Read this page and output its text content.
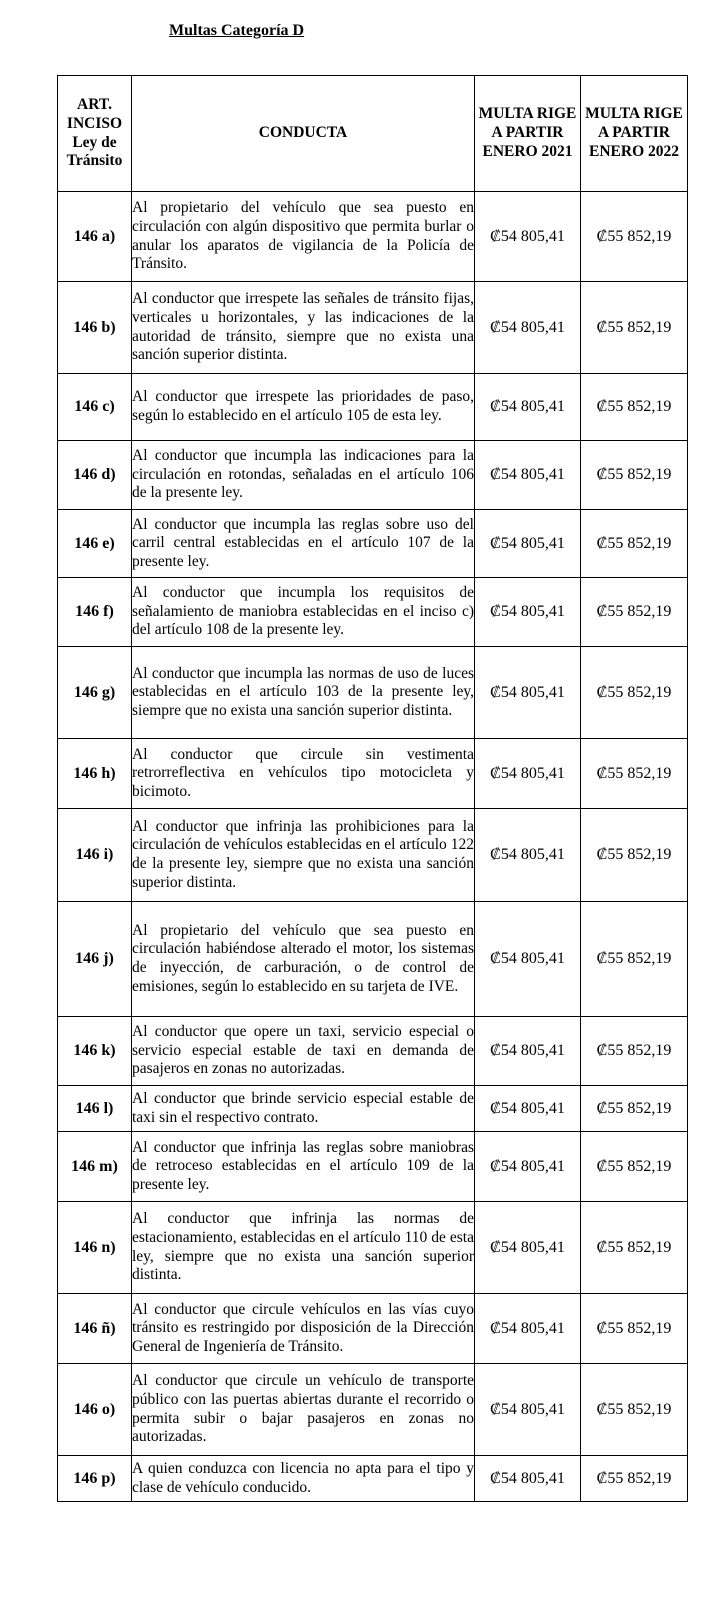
Multas Categoría D
ART. INCISO Ley de Tránsito	CONDUCTA	MULTA RIGE A PARTIR ENERO 2021	MULTA RIGE A PARTIR ENERO 2022
146 a)	Al propietario del vehículo que sea puesto en circulación con algún dispositivo que permita burlar o anular los aparatos de vigilancia de la Policía de Tránsito.	₡54 805,41	₡55 852,19
146 b)	Al conductor que irrespete las señales de tránsito fijas, verticales u horizontales, y las indicaciones de la autoridad de tránsito, siempre que no exista una sanción superior distinta.	₡54 805,41	₡55 852,19
146 c)	Al conductor que irrespete las prioridades de paso, según lo establecido en el artículo 105 de esta ley.	₡54 805,41	₡55 852,19
146 d)	Al conductor que incumpla las indicaciones para la circulación en rotondas, señaladas en el artículo 106 de la presente ley.	₡54 805,41	₡55 852,19
146 e)	Al conductor que incumpla las reglas sobre uso del carril central establecidas en el artículo 107 de la presente ley.	₡54 805,41	₡55 852,19
146 f)	Al conductor que incumpla los requisitos de señalamiento de maniobra establecidas en el inciso c) del artículo 108 de la presente ley.	₡54 805,41	₡55 852,19
146 g)	Al conductor que incumpla las normas de uso de luces establecidas en el artículo 103 de la presente ley, siempre que no exista una sanción superior distinta.	₡54 805,41	₡55 852,19
146 h)	Al conductor que circule sin vestimenta retrorreflectiva en vehículos tipo motocicleta y bicimoto.	₡54 805,41	₡55 852,19
146 i)	Al conductor que infrinja las prohibiciones para la circulación de vehículos establecidas en el artículo 122 de la presente ley, siempre que no exista una sanción superior distinta.	₡54 805,41	₡55 852,19
146 j)	Al propietario del vehículo que sea puesto en circulación habiéndose alterado el motor, los sistemas de inyección, de carburación, o de control de emisiones, según lo establecido en su tarjeta de IVE.	₡54 805,41	₡55 852,19
146 k)	Al conductor que opere un taxi, servicio especial o servicio especial estable de taxi en demanda de pasajeros en zonas no autorizadas.	₡54 805,41	₡55 852,19
146 l)	Al conductor que brinde servicio especial estable de taxi sin el respectivo contrato.	₡54 805,41	₡55 852,19
146 m)	Al conductor que infrinja las reglas sobre maniobras de retroceso establecidas en el artículo 109 de la presente ley.	₡54 805,41	₡55 852,19
146 n)	Al conductor que infrinja las normas de estacionamiento, establecidas en el artículo 110 de esta ley, siempre que no exista una sanción superior distinta.	₡54 805,41	₡55 852,19
146 ñ)	Al conductor que circule vehículos en las vías cuyo tránsito es restringido por disposición de la Dirección General de Ingeniería de Tránsito.	₡54 805,41	₡55 852,19
146 o)	Al conductor que circule un vehículo de transporte público con las puertas abiertas durante el recorrido o permita subir o bajar pasajeros en zonas no autorizadas.	₡54 805,41	₡55 852,19
146 p)	A quien conduzca con licencia no apta para el tipo y clase de vehículo conducido.	₡54 805,41	₡55 852,19
